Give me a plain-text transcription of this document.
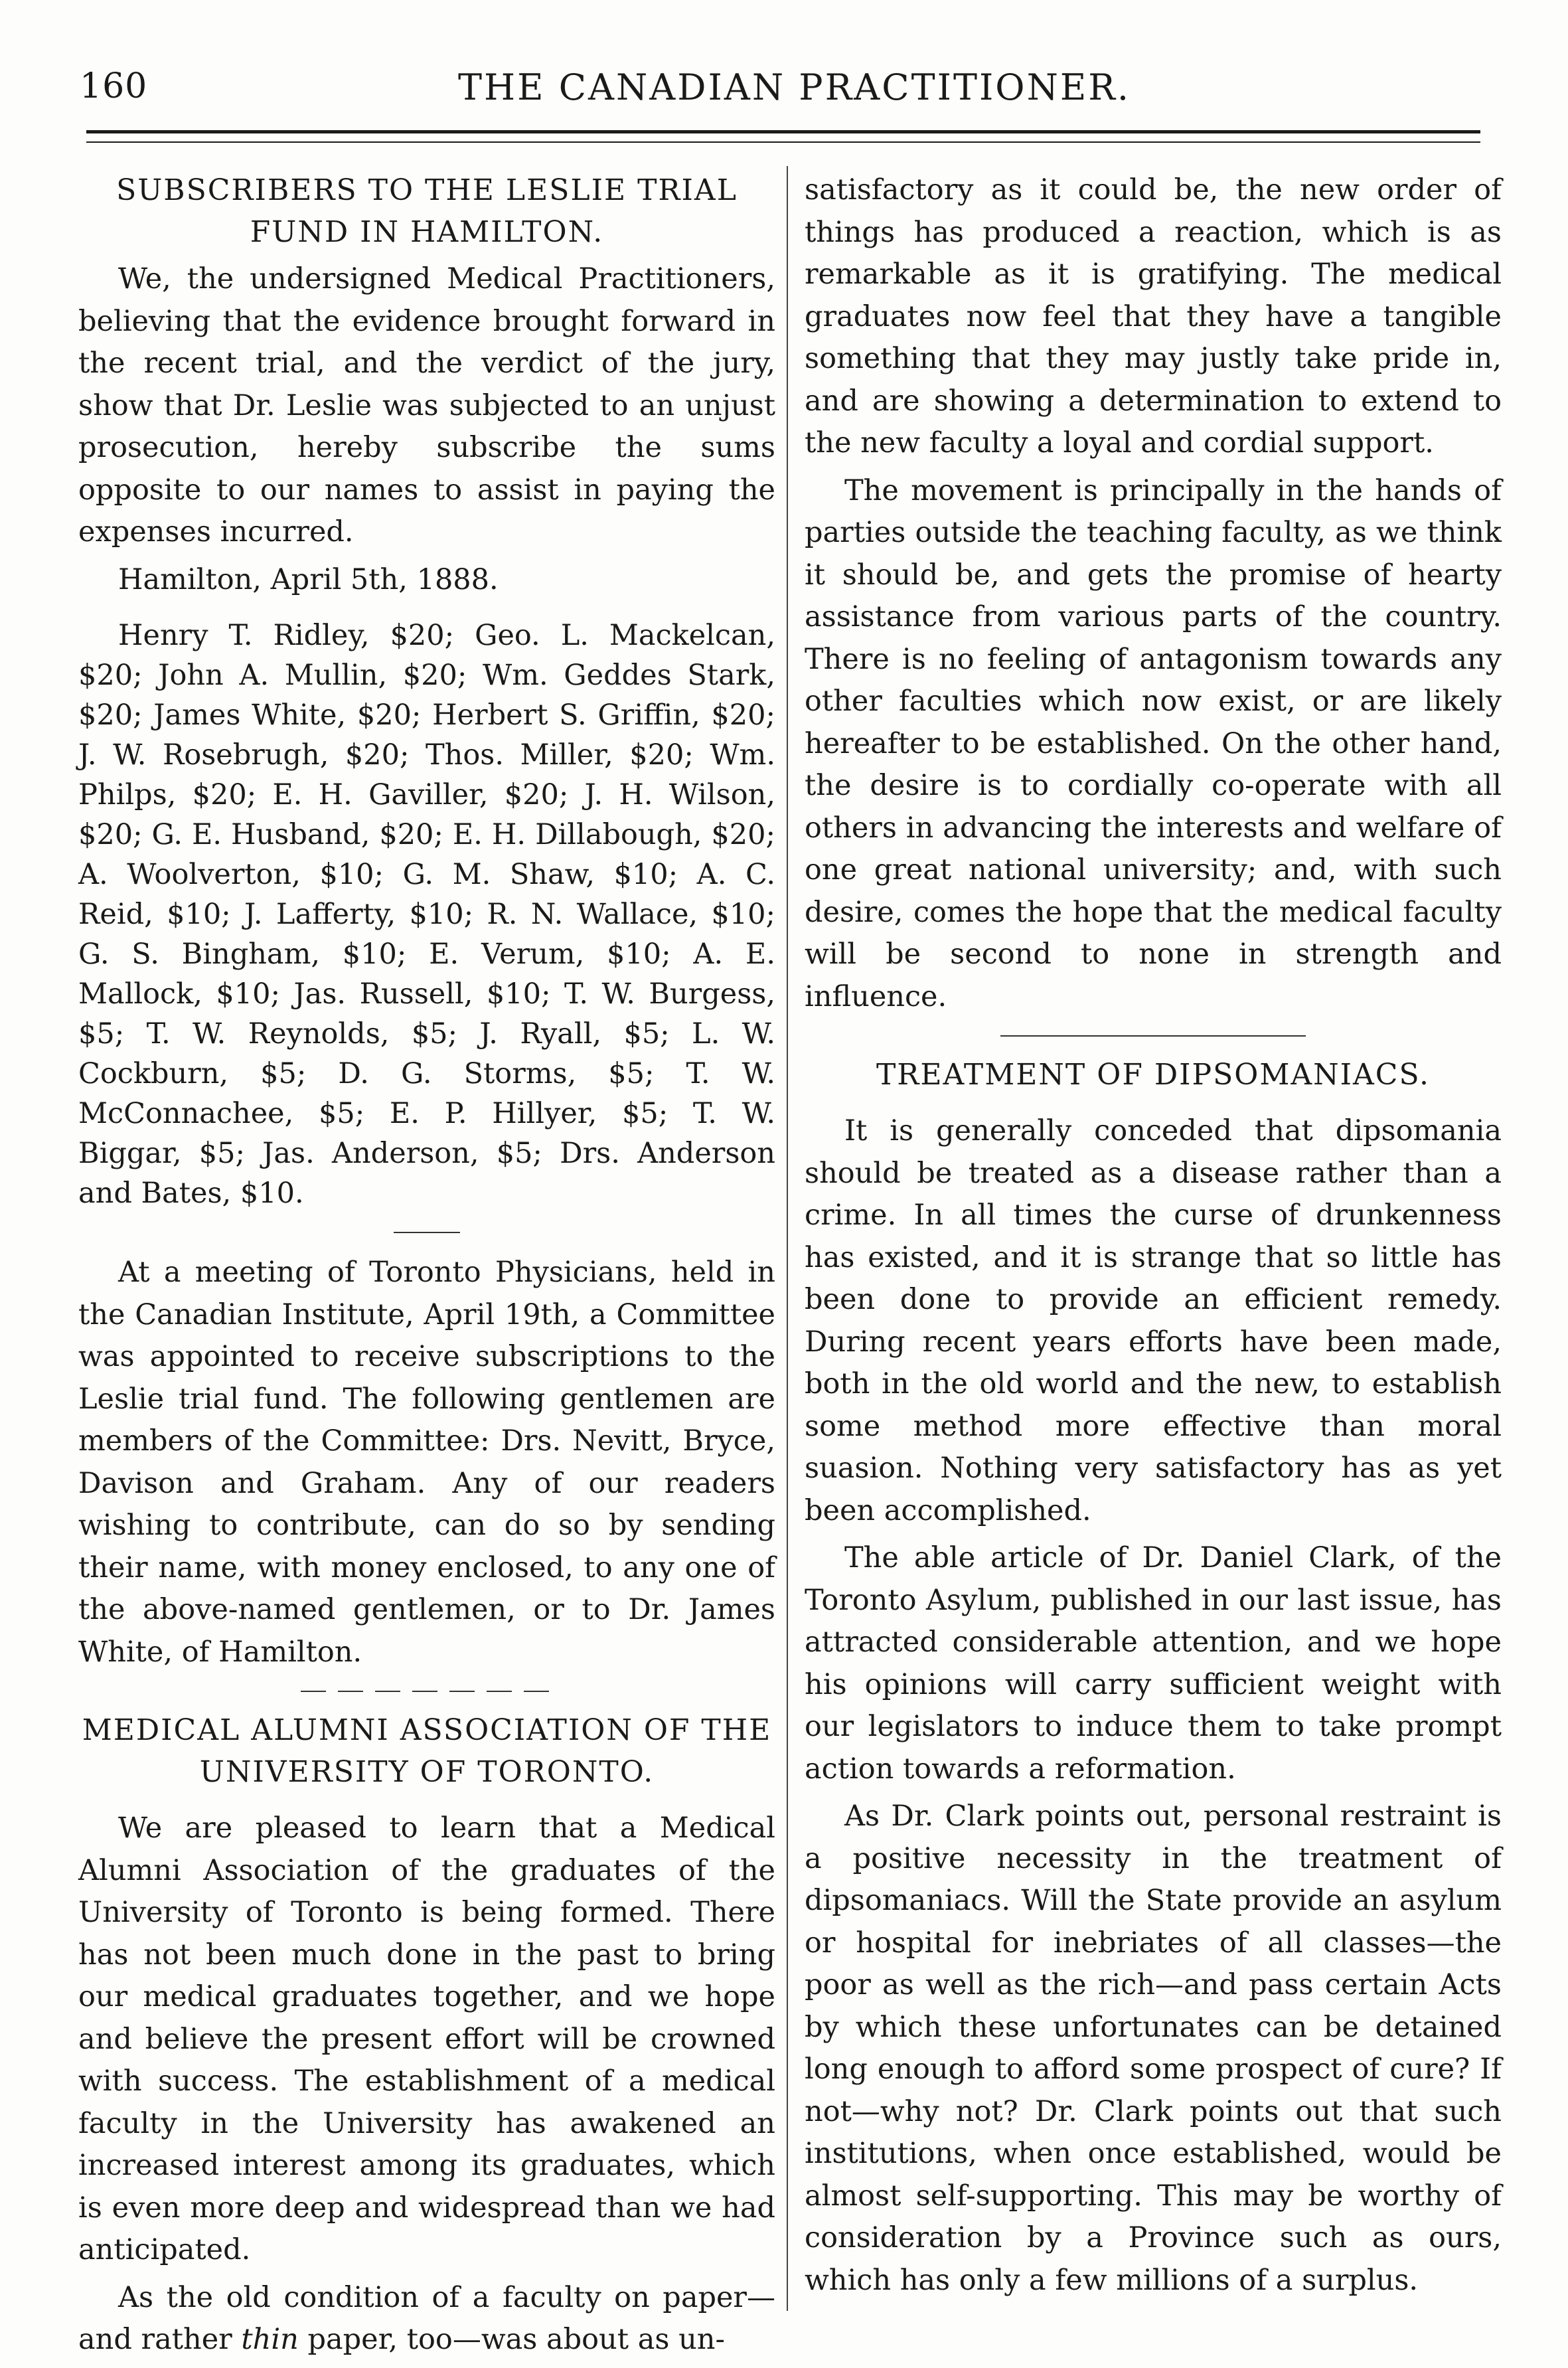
160	THE CANADIAN PRACTITIONER.
SUBSCRIBERS TO THE LESLIE TRIAL FUND IN HAMILTON.

We, the undersigned Medical Practitioners, believing that the evidence brought forward in the recent trial, and the verdict of the jury, show that Dr. Leslie was subjected to an unjust prosecution, hereby subscribe the sums opposite to our names to assist in paying the expenses incurred.

Hamilton, April 5th, 1888.

Henry T. Ridley, $20; Geo. L. Mackelcan, $20; John A. Mullin, $20; Wm. Geddes Stark, $20; James White, $20; Herbert S. Griffin, $20; J. W. Rosebrugh, $20; Thos. Miller, $20; Wm. Philps, $20; E. H. Gaviller, $20; J. H. Wilson, $20; G. E. Husband, $20; E. H. Dillabough, $20; A. Woolverton, $10; G. M. Shaw, $10; A. C. Reid, $10; J. Lafferty, $10; R. N. Wallace, $10; G. S. Bingham, $10; E. Verum, $10; A. E. Mallock, $10; Jas. Russell, $10; T. W. Burgess, $5; T. W. Reynolds, $5; J. Ryall, $5; L. W. Cockburn, $5; D. G. Storms, $5; T. W. McConnachee, $5; E. P. Hillyer, $5; T. W. Biggar, $5; Jas. Anderson, $5; Drs. Anderson and Bates, $10.

At a meeting of Toronto Physicians, held in the Canadian Institute, April 19th, a Committee was appointed to receive subscriptions to the Leslie trial fund. The following gentlemen are members of the Committee: Drs. Nevitt, Bryce, Davison and Graham. Any of our readers wishing to contribute, can do so by sending their name, with money enclosed, to any one of the above-named gentlemen, or to Dr. James White, of Hamilton.

MEDICAL ALUMNI ASSOCIATION OF THE UNIVERSITY OF TORONTO.

We are pleased to learn that a Medical Alumni Association of the graduates of the University of Toronto is being formed. There has not been much done in the past to bring our medical graduates together, and we hope and believe the present effort will be crowned with success. The establishment of a medical faculty in the University has awakened an increased interest among its graduates, which is even more deep and widespread than we had anticipated.

As the old condition of a faculty on paper—and rather thin paper, too—was about as un-

satisfactory as it could be, the new order of things has produced a reaction, which is as remarkable as it is gratifying. The medical graduates now feel that they have a tangible something that they may justly take pride in, and are showing a determination to extend to the new faculty a loyal and cordial support.

The movement is principally in the hands of parties outside the teaching faculty, as we think it should be, and gets the promise of hearty assistance from various parts of the country. There is no feeling of antagonism towards any other faculties which now exist, or are likely hereafter to be established. On the other hand, the desire is to cordially co-operate with all others in advancing the interests and welfare of one great national university; and, with such desire, comes the hope that the medical faculty will be second to none in strength and influence.

TREATMENT OF DIPSOMANIACS.

It is generally conceded that dipsomania should be treated as a disease rather than a crime. In all times the curse of drunkenness has existed, and it is strange that so little has been done to provide an efficient remedy. During recent years efforts have been made, both in the old world and the new, to establish some method more effective than moral suasion. Nothing very satisfactory has as yet been accomplished.

The able article of Dr. Daniel Clark, of the Toronto Asylum, published in our last issue, has attracted considerable attention, and we hope his opinions will carry sufficient weight with our legislators to induce them to take prompt action towards a reformation.

As Dr. Clark points out, personal restraint is a positive necessity in the treatment of dipsomaniacs. Will the State provide an asylum or hospital for inebriates of all classes—the poor as well as the rich—and pass certain Acts by which these unfortunates can be detained long enough to afford some prospect of cure? If not—why not? Dr. Clark points out that such institutions, when once established, would be almost self-supporting. This may be worthy of consideration by a Province such as ours, which has only a few millions of a surplus.
